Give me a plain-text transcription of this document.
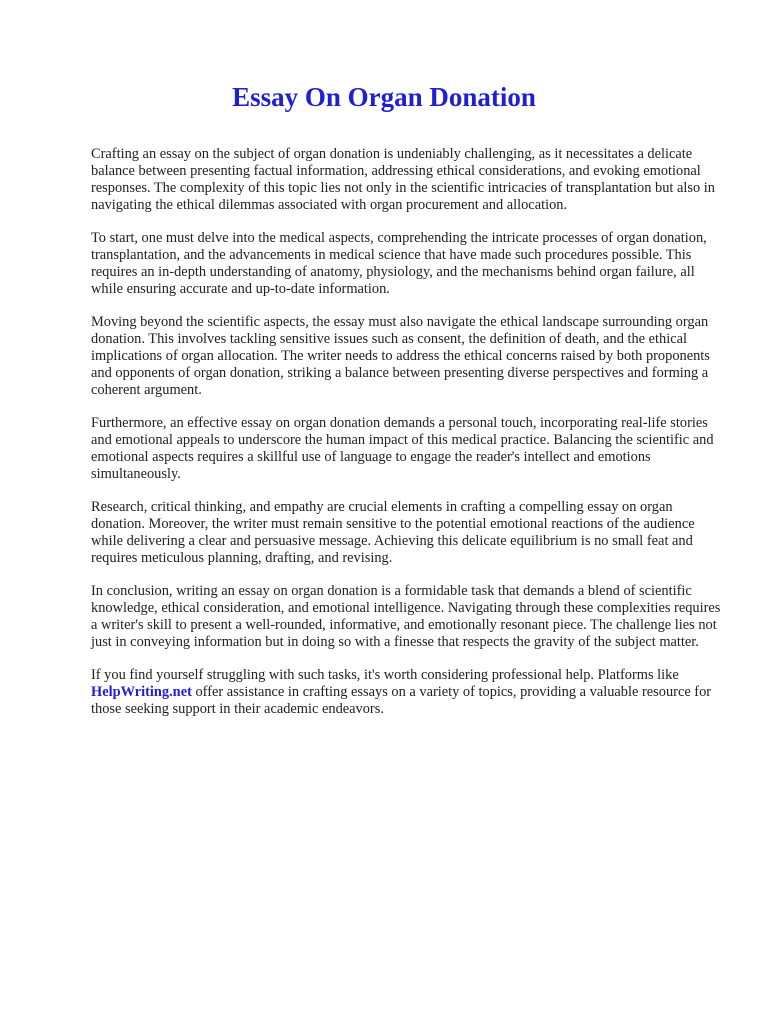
Essay On Organ Donation

Crafting an essay on the subject of organ donation is undeniably challenging, as it necessitates a delicate balance between presenting factual information, addressing ethical considerations, and evoking emotional responses. The complexity of this topic lies not only in the scientific intricacies of transplantation but also in navigating the ethical dilemmas associated with organ procurement and allocation.

To start, one must delve into the medical aspects, comprehending the intricate processes of organ donation, transplantation, and the advancements in medical science that have made such procedures possible. This requires an in-depth understanding of anatomy, physiology, and the mechanisms behind organ failure, all while ensuring accurate and up-to-date information.

Moving beyond the scientific aspects, the essay must also navigate the ethical landscape surrounding organ donation. This involves tackling sensitive issues such as consent, the definition of death, and the ethical implications of organ allocation. The writer needs to address the ethical concerns raised by both proponents and opponents of organ donation, striking a balance between presenting diverse perspectives and forming a coherent argument.

Furthermore, an effective essay on organ donation demands a personal touch, incorporating real-life stories and emotional appeals to underscore the human impact of this medical practice. Balancing the scientific and emotional aspects requires a skillful use of language to engage the reader's intellect and emotions simultaneously.

Research, critical thinking, and empathy are crucial elements in crafting a compelling essay on organ donation. Moreover, the writer must remain sensitive to the potential emotional reactions of the audience while delivering a clear and persuasive message. Achieving this delicate equilibrium is no small feat and requires meticulous planning, drafting, and revising.

In conclusion, writing an essay on organ donation is a formidable task that demands a blend of scientific knowledge, ethical consideration, and emotional intelligence. Navigating through these complexities requires a writer's skill to present a well-rounded, informative, and emotionally resonant piece. The challenge lies not just in conveying information but in doing so with a finesse that respects the gravity of the subject matter.

If you find yourself struggling with such tasks, it's worth considering professional help. Platforms like HelpWriting.net offer assistance in crafting essays on a variety of topics, providing a valuable resource for those seeking support in their academic endeavors.
